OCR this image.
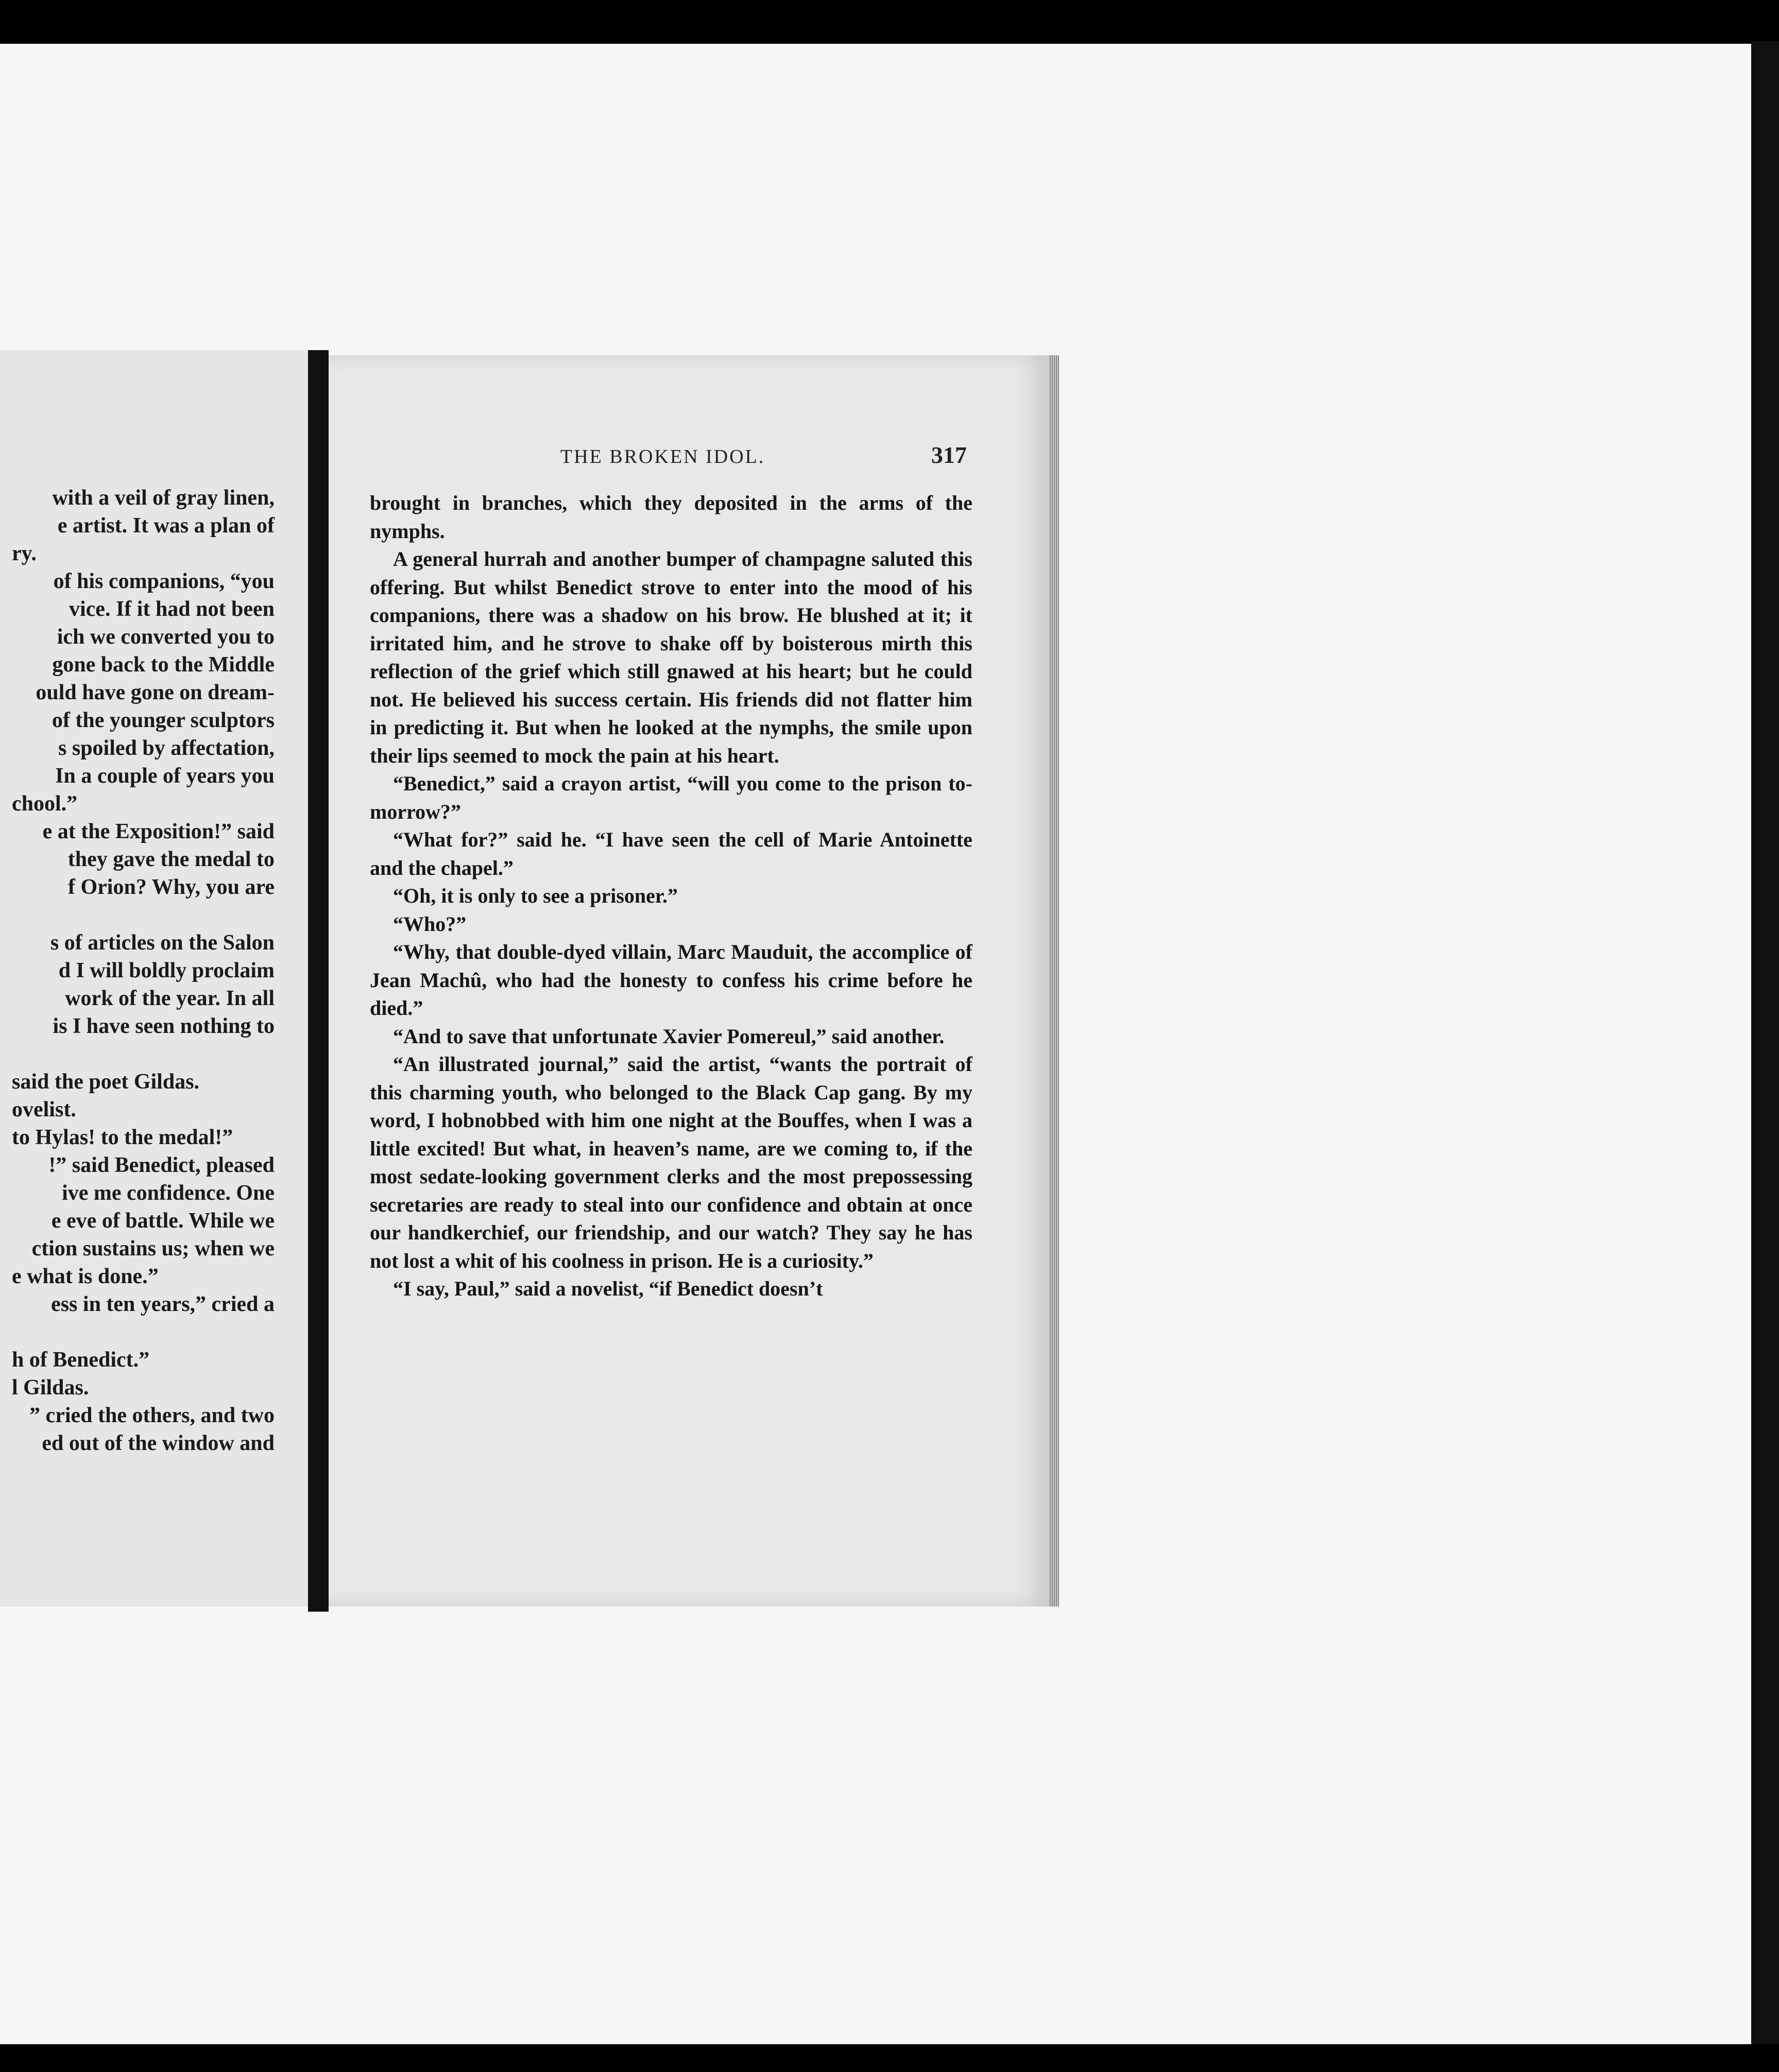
with a veil of gray linen,
e artist. It was a plan of
ry.
of his companions, “you
vice. If it had not been
ich we converted you to
gone back to the Middle
ould have gone on dream-
of the younger sculptors
s spoiled by affectation,
In a couple of years you
chool.”
e at the Exposition!” said
they gave the medal to
f Orion? Why, you are

s of articles on the Salon
d I will boldly proclaim
work of the year. In all
is I have seen nothing to

said the poet Gildas.
ovelist.
to Hylas! to the medal!”
!” said Benedict, pleased
ive me confidence. One
e eve of battle. While we
ction sustains us; when we
e what is done.”
ess in ten years,” cried a

h of Benedict.”
l Gildas.
” cried the others, and two
ed out of the window and
THE BROKEN IDOL.	317

brought in branches, which they deposited in the arms of the nymphs.

A general hurrah and another bumper of champagne saluted this offering. But whilst Benedict strove to enter into the mood of his companions, there was a shadow on his brow. He blushed at it; it irritated him, and he strove to shake off by boisterous mirth this reflection of the grief which still gnawed at his heart; but he could not. He believed his success certain. His friends did not flatter him in predicting it. But when he looked at the nymphs, the smile upon their lips seemed to mock the pain at his heart.

“Benedict,” said a crayon artist, “will you come to the prison to-morrow?”

“What for?” said he. “I have seen the cell of Marie Antoinette and the chapel.”

“Oh, it is only to see a prisoner.”

“Who?”

“Why, that double-dyed villain, Marc Mauduit, the accomplice of Jean Machû, who had the honesty to confess his crime before he died.”

“And to save that unfortunate Xavier Pomereul,” said another.

“An illustrated journal,” said the artist, “wants the portrait of this charming youth, who belonged to the Black Cap gang. By my word, I hobnobbed with him one night at the Bouffes, when I was a little excited! But what, in heaven’s name, are we coming to, if the most sedate-looking government clerks and the most prepossessing secretaries are ready to steal into our confidence and obtain at once our handkerchief, our friendship, and our watch? They say he has not lost a whit of his coolness in prison. He is a curiosity.”

“I say, Paul,” said a novelist, “if Benedict doesn’t
